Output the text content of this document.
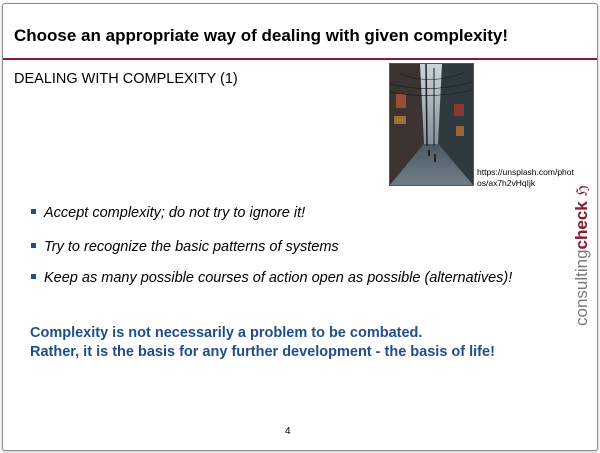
Choose an appropriate way of dealing with given complexity!
DEALING WITH COMPLEXITY (1)
https://unsplash.com/photos/ax7h2vHqIjk
Accept complexity; do not try to ignore it!
Try to recognize the basic patterns of systems
Keep as many possible courses of action open as possible (alternatives)!
Complexity is not necessarily a problem to be combated.
Rather, it is the basis for any further development - the basis of life!
4
consultingcheck ℌ
